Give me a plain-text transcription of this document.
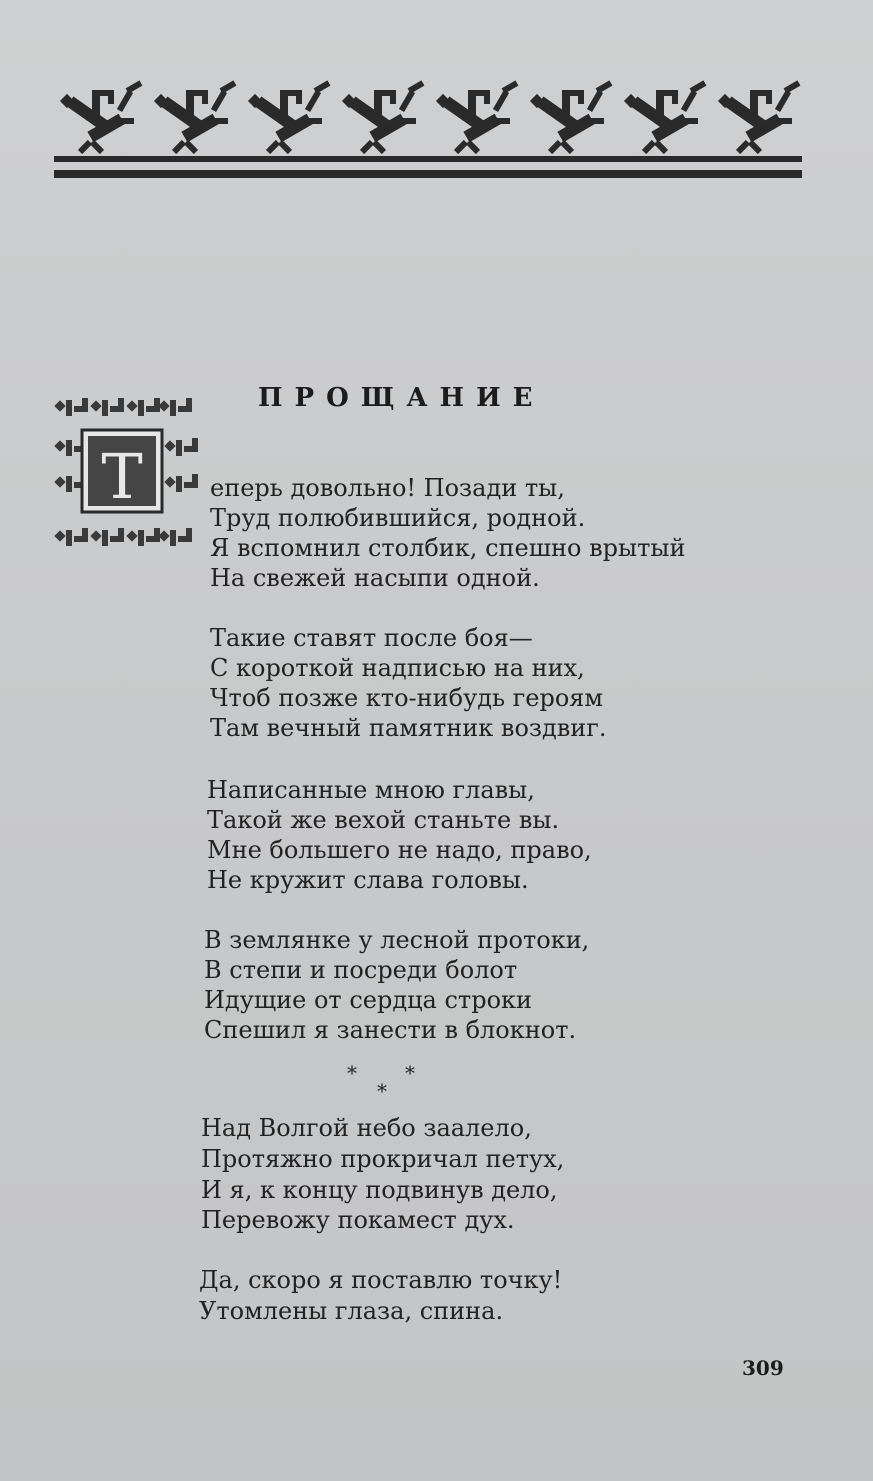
ПРОЩАНИЕ
Т	еперь довольно! Позади ты,
Труд полюбившийся, родной.
Я вспомнил столбик, спешно врытый
На свежей насыпи одной.
Такие ставят после боя—
С короткой надписью на них,
Чтоб позже кто-нибудь героям
Там вечный памятник воздвиг.
Написанные мною главы,
Такой же вехой станьте вы.
Мне большего не надо, право,
Не кружит слава головы.
В землянке у лесной протоки,
В степи и посреди болот
Идущие от сердца строки
Спешил я занести в блокнот.
* *
*
Над Волгой небо заалело,
Протяжно прокричал петух,
И я, к концу подвинув дело,
Перевожу покамест дух.
Да, скоро я поставлю точку!
Утомлены глаза, спина.
309
